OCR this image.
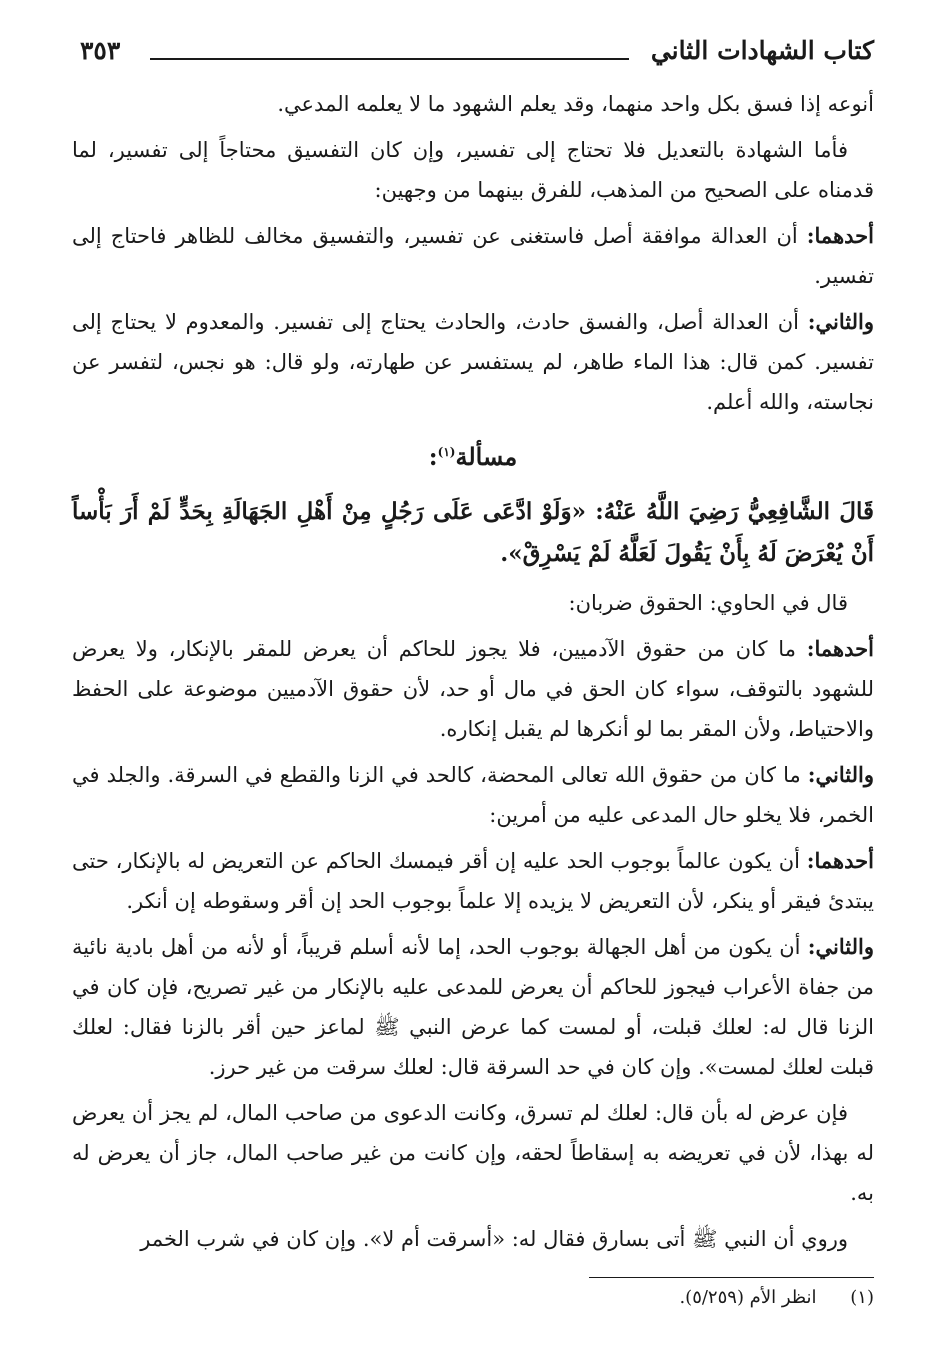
كتاب الشهادات الثاني
٣٥٣

أنوعه إذا فسق بكل واحد منهما، وقد يعلم الشهود ما لا يعلمه المدعي.

فأما الشهادة بالتعديل فلا تحتاج إلى تفسير، وإن كان التفسيق محتاجاً إلى تفسير، لما قدمناه على الصحيح من المذهب، للفرق بينهما من وجهين:

أحدهما: أن العدالة موافقة أصل فاستغنى عن تفسير، والتفسيق مخالف للظاهر فاحتاج إلى تفسير.

والثاني: أن العدالة أصل، والفسق حادث، والحادث يحتاج إلى تفسير. والمعدوم لا يحتاج إلى تفسير. كمن قال: هذا الماء طاهر، لم يستفسر عن طهارته، ولو قال: هو نجس، لتفسر عن نجاسته، والله أعلم.

مسألة$^{(١)}$:

قَالَ الشَّافِعِيُّ رَضِيَ اللَّهُ عَنْهُ: «وَلَوْ ادَّعَى عَلَى رَجُلٍ مِنْ أَهْلِ الجَهَالَةِ بِحَدٍّ لَمْ أَرَ بَأْساً أَنْ يُعْرَضَ لَهُ بِأَنْ يَقُولَ لَعَلَّهُ لَمْ يَسْرِقْ».

قال في الحاوي: الحقوق ضربان:

أحدهما: ما كان من حقوق الآدميين، فلا يجوز للحاكم أن يعرض للمقر بالإنكار، ولا يعرض للشهود بالتوقف، سواء كان الحق في مال أو حد، لأن حقوق الآدميين موضوعة على الحفظ والاحتياط، ولأن المقر بما لو أنكرها لم يقبل إنكاره.

والثاني: ما كان من حقوق الله تعالى المحضة، كالحد في الزنا والقطع في السرقة. والجلد في الخمر، فلا يخلو حال المدعى عليه من أمرين:

أحدهما: أن يكون عالماً بوجوب الحد عليه إن أقر فيمسك الحاكم عن التعريض له بالإنكار، حتى يبتدئ فيقر أو ينكر، لأن التعريض لا يزيده إلا علماً بوجوب الحد إن أقر وسقوطه إن أنكر.

والثاني: أن يكون من أهل الجهالة بوجوب الحد، إما لأنه أسلم قريباً، أو لأنه من أهل بادية نائية من جفاة الأعراب فيجوز للحاكم أن يعرض للمدعى عليه بالإنكار من غير تصريح، فإن كان في الزنا قال له: لعلك قبلت، أو لمست كما عرض النبي ﷺ لماعز حين أقر بالزنا فقال: لعلك قبلت لعلك لمست». وإن كان في حد السرقة قال: لعلك سرقت من غير حرز.

فإن عرض له بأن قال: لعلك لم تسرق، وكانت الدعوى من صاحب المال، لم يجز أن يعرض له بهذا، لأن في تعريضه به إسقاطاً لحقه، وإن كانت من غير صاحب المال، جاز أن يعرض له به.

وروي أن النبي ﷺ أتى بسارق فقال له: «أسرقت أم لا». وإن كان في شرب الخمر

(١) انظر الأم (٥/٢٥٩).
